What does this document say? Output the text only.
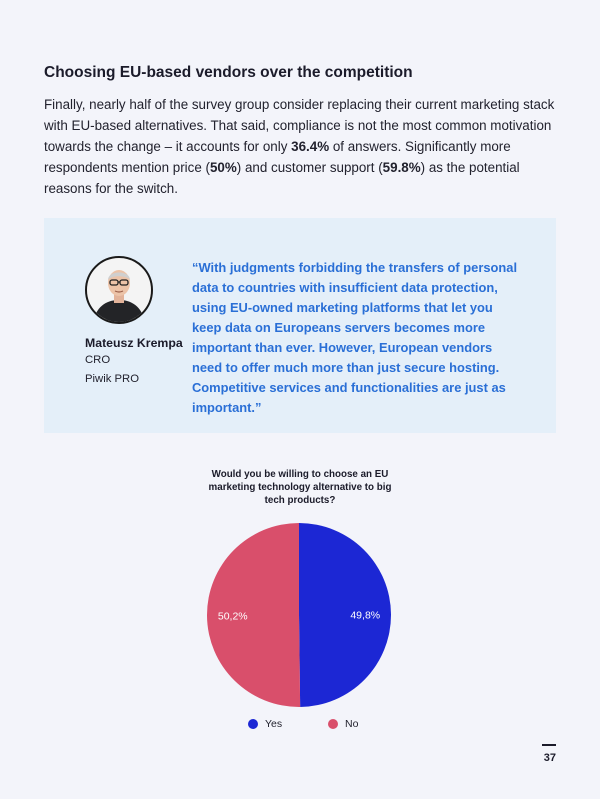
Choosing EU-based vendors over the competition

Finally, nearly half of the survey group consider replacing their current marketing stack with EU-based alternatives. That said, compliance is not the most common motivation towards the change – it accounts for only 36.4% of answers. Significantly more respondents mention price (50%) and customer support (59.8%) as the potential reasons for the switch.

Mateusz Krempa
CRO
Piwik PRO
“With judgments forbidding the transfers of personal data to countries with insufficient data protection, using EU-owned marketing platforms that let you keep data on Europeans servers becomes more important than ever. However, European vendors need to offer much more than just secure hosting. Competitive services and functionalities are just as important.”
Would you be willing to choose an EU marketing technology alternative to big tech products?
49,8%
50,2%
Yes	No
37
